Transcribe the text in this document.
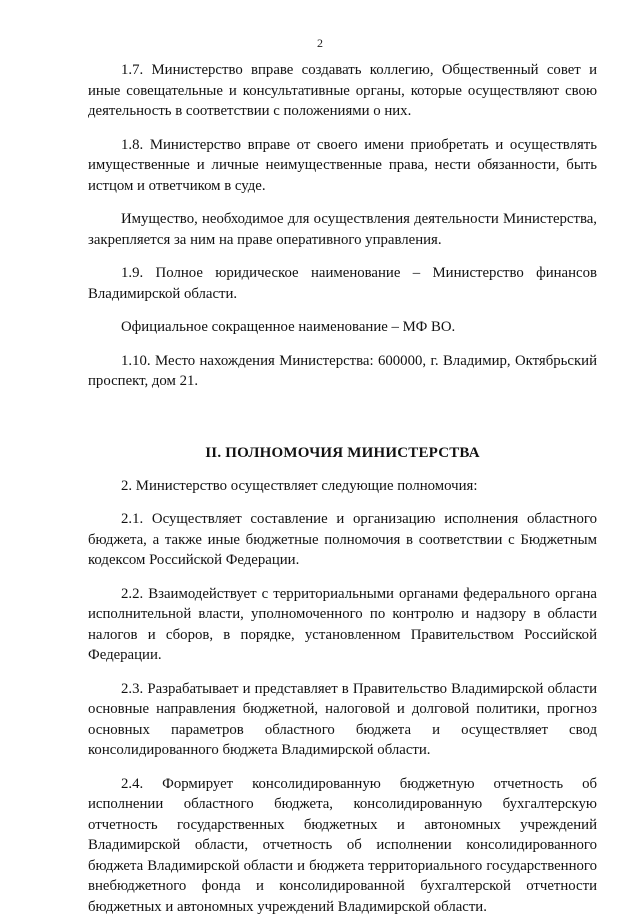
2

1.7. Министерство вправе создавать коллегию, Общественный совет и иные совещательные и консультативные органы, которые осуществляют свою деятельность в соответствии с положениями о них.

1.8. Министерство вправе от своего имени приобретать и осуществлять имущественные и личные неимущественные права, нести обязанности, быть истцом и ответчиком в суде.

Имущество, необходимое для осуществления деятельности Министерства, закрепляется за ним на праве оперативного управления.

1.9. Полное юридическое наименование – Министерство финансов Владимирской области.

Официальное сокращенное наименование – МФ ВО.

1.10. Место нахождения Министерства: 600000, г. Владимир, Октябрьский проспект, дом 21.

II. ПОЛНОМОЧИЯ МИНИСТЕРСТВА

2. Министерство осуществляет следующие полномочия:

2.1. Осуществляет составление и организацию исполнения областного бюджета, а также иные бюджетные полномочия в соответствии с Бюджетным кодексом Российской Федерации.

2.2. Взаимодействует с территориальными органами федерального органа исполнительной власти, уполномоченного по контролю и надзору в области налогов и сборов, в порядке, установленном Правительством Российской Федерации.

2.3. Разрабатывает и представляет в Правительство Владимирской области основные направления бюджетной, налоговой и долговой политики, прогноз основных параметров областного бюджета и осуществляет свод консолидированного бюджета Владимирской области.

2.4. Формирует консолидированную бюджетную отчетность об исполнении областного бюджета, консолидированную бухгалтерскую отчетность государственных бюджетных и автономных учреждений Владимирской области, отчетность об исполнении консолидированного бюджета Владимирской области и бюджета территориального государственного внебюджетного фонда и консолидированной бухгалтерской отчетности бюджетных и автономных учреждений Владимирской области.
